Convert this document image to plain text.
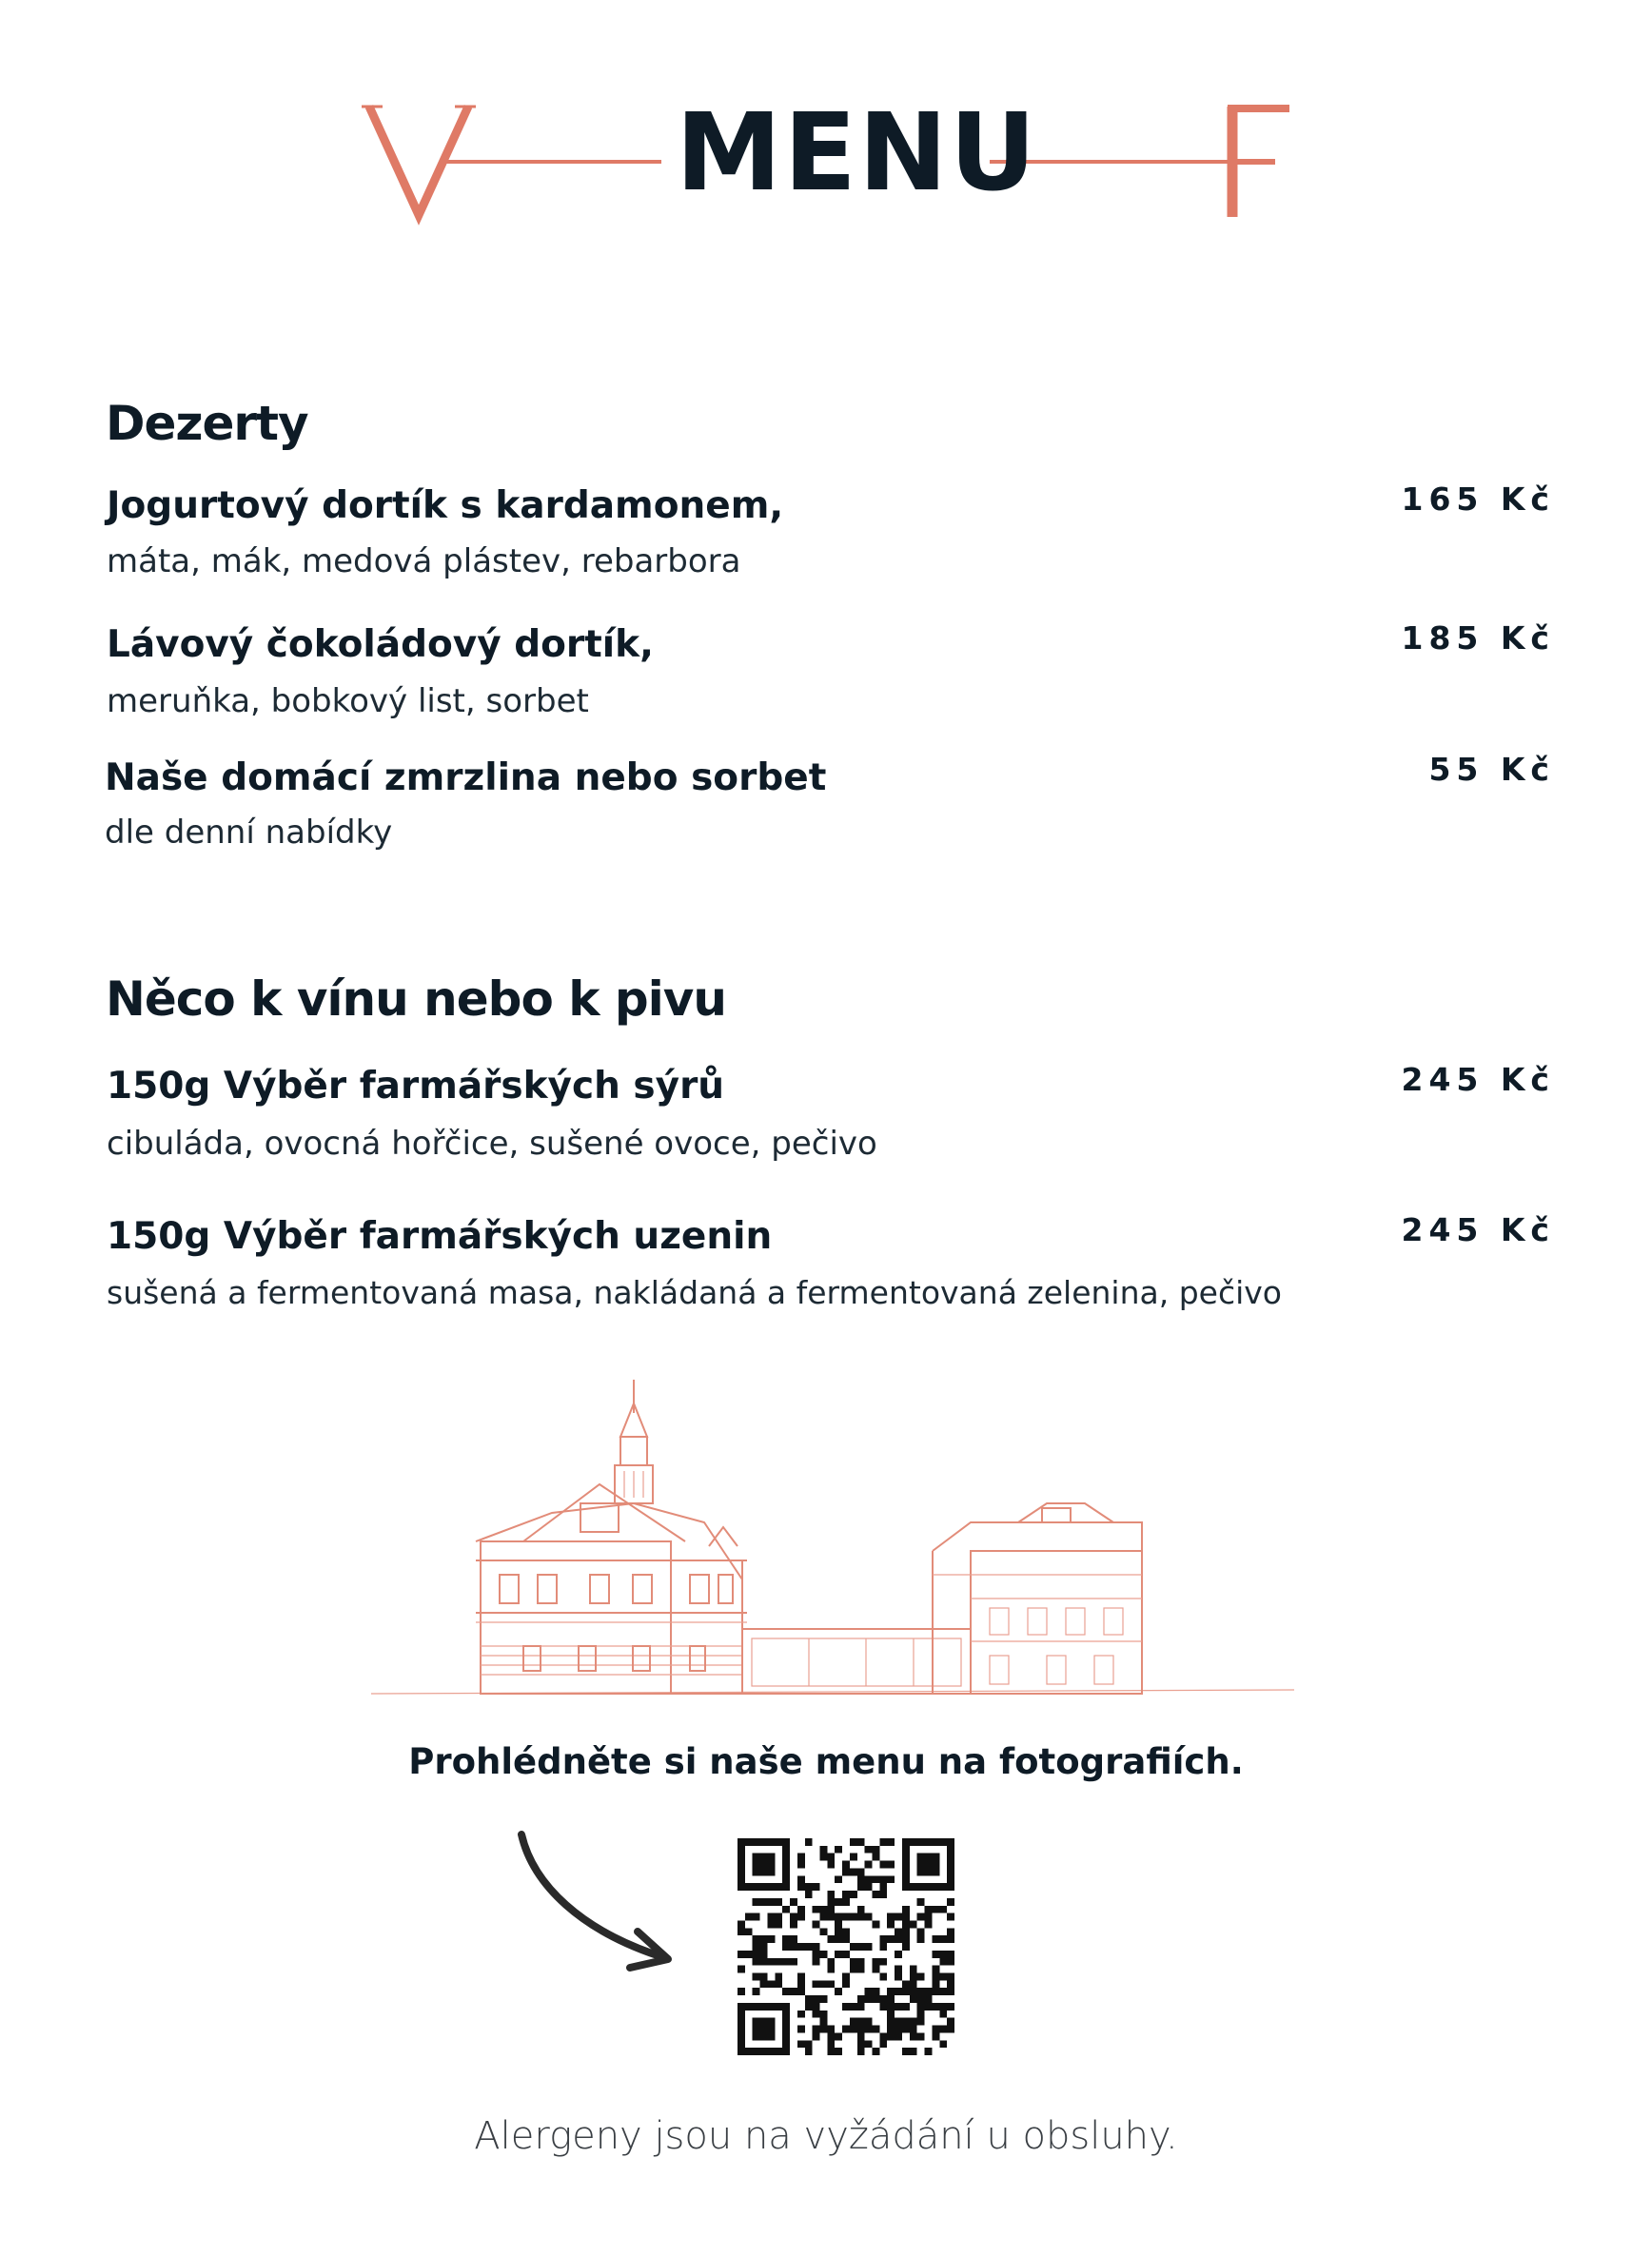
MENU
Dezerty
Jogurtový dortík s kardamonem,	165 Kč
máta, mák, medová plástev, rebarbora
Lávový čokoládový dortík,	185 Kč
meruňka, bobkový list, sorbet
Naše domácí zmrzlina nebo sorbet	55 Kč
dle denní nabídky
Něco k vínu nebo k pivu
150g Výběr farmářských sýrů	245 Kč
cibuláda, ovocná hořčice, sušené ovoce, pečivo
150g Výběr farmářských uzenin	245 Kč
sušená a fermentovaná masa, nakládaná a fermentovaná zelenina, pečivo
Prohlédněte si naše menu na fotografiích.
Alergeny jsou na vyžádání u obsluhy.
